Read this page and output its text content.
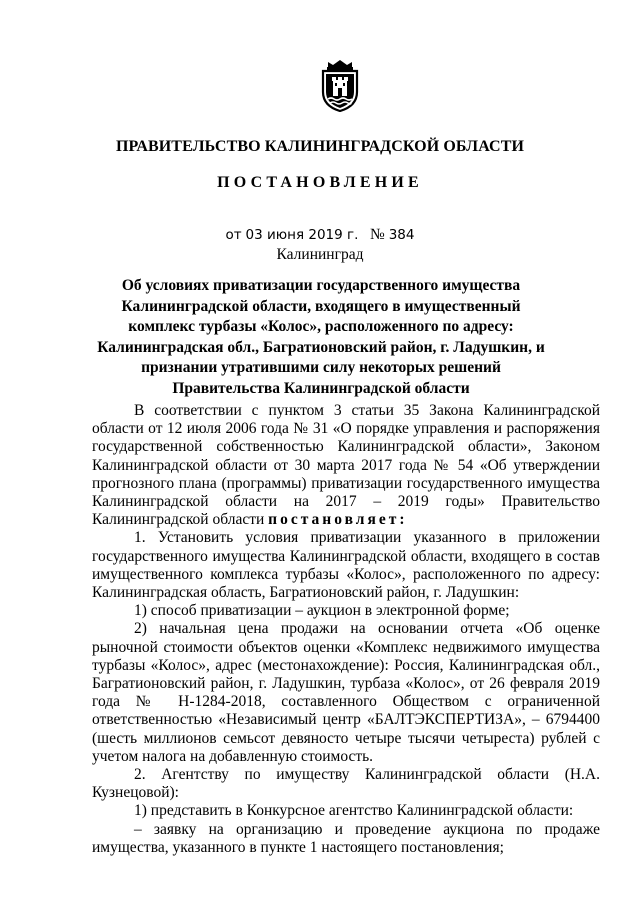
ПРАВИТЕЛЬСТВО КАЛИНИНГРАДСКОЙ ОБЛАСТИ
ПОСТАНОВЛЕНИЕ
от 03 июня 2019 г. № 384
Калининград
Об условиях приватизации государственного имущества Калининградской области, входящего в имущественный комплекс турбазы «Колос», расположенного по адресу: Калининградская обл., Багратионовский район, г. Ладушкин, и признании утратившими силу некоторых решений Правительства Калининградской области

В соответствии с пунктом 3 статьи 35 Закона Калининградской области от 12 июля 2006 года № 31 «О порядке управления и распоряжения государственной собственностью Калининградской области», Законом Калининградской области от 30 марта 2017 года № 54 «Об утверждении прогнозного плана (программы) приватизации государственного имущества Калининградской области на 2017 – 2019 годы» Правительство Калининградской области постановляет:

1. Установить условия приватизации указанного в приложении государственного имущества Калининградской области, входящего в состав имущественного комплекса турбазы «Колос», расположенного по адресу: Калининградская область, Багратионовский район, г. Ладушкин:

1) способ приватизации – аукцион в электронной форме;

2) начальная цена продажи на основании отчета «Об оценке рыночной стоимости объектов оценки «Комплекс недвижимого имущества турбазы «Колос», адрес (местонахождение): Россия, Калининградская обл., Багратионовский район, г. Ладушкин, турбаза «Колос», от 26 февраля 2019 года № Н-1284-2018, составленного Обществом с ограниченной ответственностью «Независимый центр «БАЛТЭКСПЕРТИЗА», – 6794400 (шесть миллионов семьсот девяносто четыре тысячи четыреста) рублей с учетом налога на добавленную стоимость.

2. Агентству по имуществу Калининградской области (Н.А. Кузнецовой):

1) представить в Конкурсное агентство Калининградской области:

– заявку на организацию и проведение аукциона по продаже имущества, указанного в пункте 1 настоящего постановления;
